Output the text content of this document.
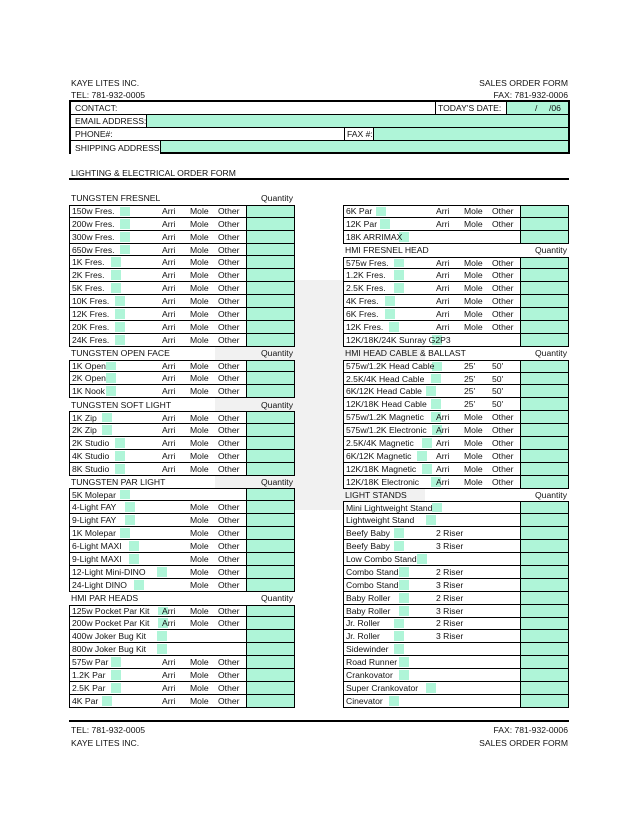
KAYE LITES INC.
TEL: 781-932-0005
SALES ORDER FORM
FAX: 781-932-0006
CONTACT:	TODAY'S DATE:	/ /06
EMAIL ADDRESS:
PHONE#:	FAX #:
SHIPPING ADDRESS:
LIGHTING & ELECTRICAL ORDER FORM
TUNGSTEN FRESNEL	Quantity
150w Fres.	Arri Mole Other
200w Fres.	Arri Mole Other
300w Fres.	Arri Mole Other
650w Fres.	Arri Mole Other
1K Fres.	Arri Mole Other
2K Fres.	Arri Mole Other
5K Fres.	Arri Mole Other
10K Fres.	Arri Mole Other
12K Fres.	Arri Mole Other
20K Fres.	Arri Mole Other
24K Fres.	Arri Mole Other
TUNGSTEN OPEN FACE	Quantity
1K Open	Arri Mole Other
2K Open	Arri Mole Other
1K Nook	Arri Mole Other
TUNGSTEN SOFT LIGHT	Quantity
1K Zip	Arri Mole Other
2K Zip	Arri Mole Other
2K Studio	Arri Mole Other
4K Studio	Arri Mole Other
8K Studio	Arri Mole Other
TUNGSTEN PAR LIGHT	Quantity
5K Molepar
4-Light FAY	Mole Other
9-Light FAY	Mole Other
1K Molepar	Mole Other
6-Light MAXI	Mole Other
9-Light MAXI	Mole Other
12-Light Mini-DINO	Mole Other
24-Light DINO	Mole Other
HMI PAR HEADS	Quantity
125w Pocket Par Kit Arri Mole Other
200w Pocket Par Kit Arri Mole Other
400w Joker Bug Kit
800w Joker Bug Kit
575w Par	Arri Mole Other
1.2K Par	Arri Mole Other
2.5K Par	Arri Mole Other
4K Par	Arri Mole Other
6K Par	Arri Mole Other
12K Par	Arri Mole Other
18K ARRIMAX
HMI FRESNEL HEAD	Quantity
575w Fres.	Arri Mole Other
1.2K Fres.	Arri Mole Other
2.5K Fres.	Arri Mole Other
4K Fres.	Arri Mole Other
6K Fres.	Arri Mole Other
12K Fres.	Arri Mole Other
12K/18K/24K Sunray G2P3
HMI HEAD CABLE & BALLAST	Quantity
575w/1.2K Head Cable	25' 50'
2.5K/4K Head Cable	25' 50'
6K/12K Head Cable	25' 50'
12K/18K Head Cable	25' 50'
575w/1.2K Magnetic Arri Mole Other
575w/1.2K Electronic Arri Mole Other
2.5K/4K Magnetic	Arri Mole Other
6K/12K Magnetic	Arri Mole Other
12K/18K Magnetic Arri Mole Other
12K/18K Electronic Arri Mole Other
LIGHT STANDS	Quantity
Mini Lightweight Stand
Lightweight Stand
Beefy Baby	2 Riser
Beefy Baby	3 Riser
Low Combo Stand
Combo Stand	2 Riser
Combo Stand	3 Riser
Baby Roller	2 Riser
Baby Roller	3 Riser
Jr. Roller	2 Riser
Jr. Roller	3 Riser
Sidewinder
Road Runner
Crankovator
Super Crankovator
Cinevator
TEL: 781-932-0005
KAYE LITES INC.
FAX: 781-932-0006
SALES ORDER FORM
